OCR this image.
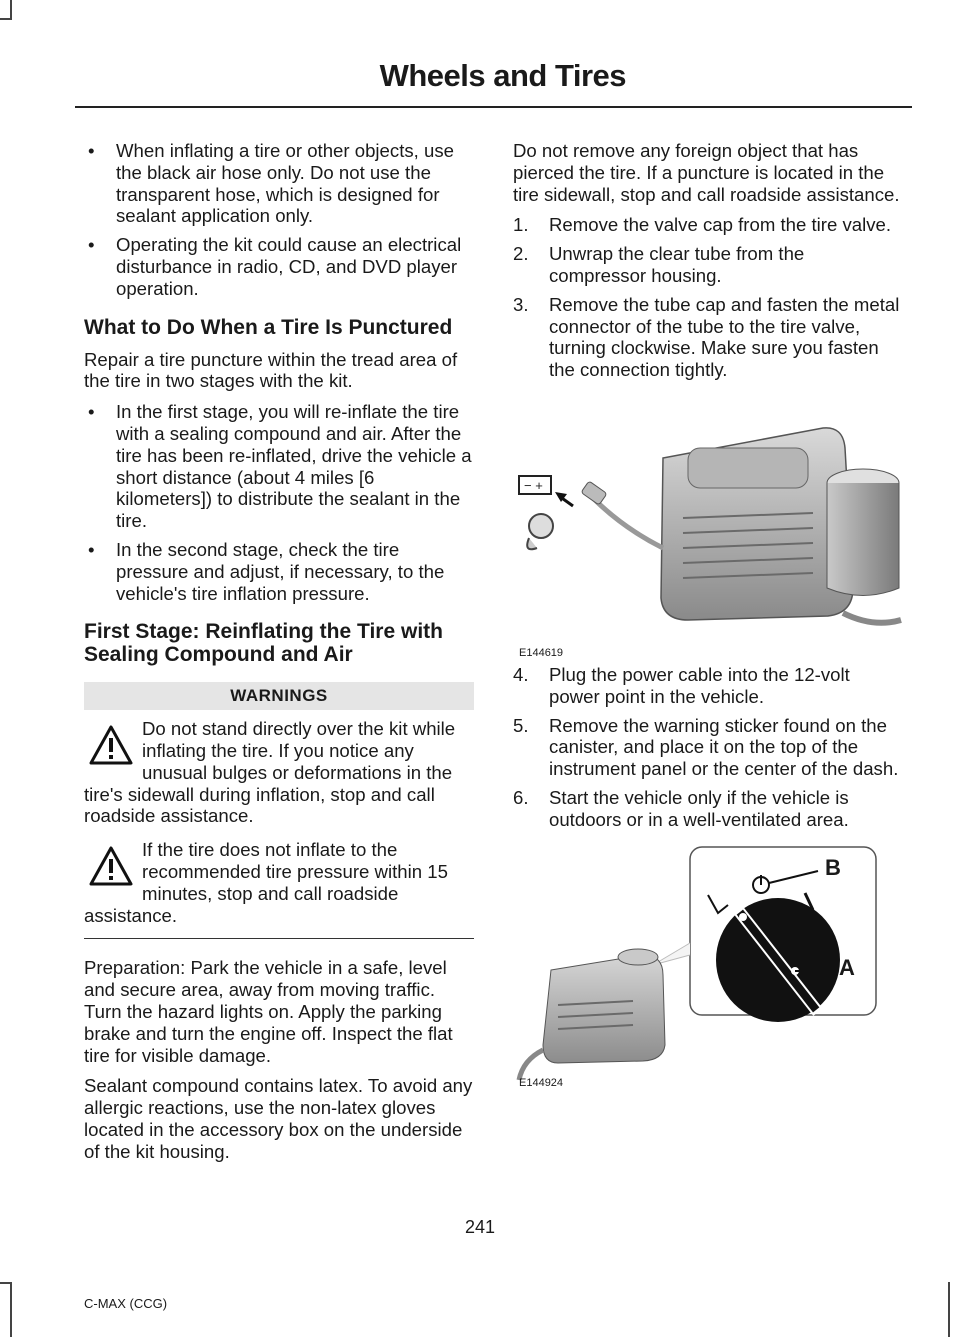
Wheels and Tires
• When inflating a tire or other objects, use the black air hose only. Do not use the transparent hose, which is designed for sealant application only.
• Operating the kit could cause an electrical disturbance in radio, CD, and DVD player operation.
What to Do When a Tire Is Punctured

Repair a tire puncture within the tread area of the tire in two stages with the kit.

• In the first stage, you will re-inflate the tire with a sealing compound and air. After the tire has been re-inflated, drive the vehicle a short distance (about 4 miles [6 kilometers]) to distribute the sealant in the tire.
• In the second stage, check the tire pressure and adjust, if necessary, to the vehicle's tire inflation pressure.
First Stage: Reinflating the Tire with Sealing Compound and Air
WARNINGS
Do not stand directly over the kit while inflating the tire. If you notice any unusual bulges or deformations in the tire's sidewall during inflation, stop and call roadside assistance.
If the tire does not inflate to the recommended tire pressure within 15 minutes, stop and call roadside assistance.

Preparation: Park the vehicle in a safe, level and secure area, away from moving traffic. Turn the hazard lights on. Apply the parking brake and turn the engine off. Inspect the flat tire for visible damage.

Sealant compound contains latex. To avoid any allergic reactions, use the non-latex gloves located in the accessory box on the underside of the kit housing.

Do not remove any foreign object that has pierced the tire. If a puncture is located in the tire sidewall, stop and call roadside assistance.

1. Remove the valve cap from the tire valve.
2. Unwrap the clear tube from the compressor housing.
3. Remove the tube cap and fasten the metal connector of the tube to the tire valve, turning clockwise. Make sure you fasten the connection tightly.
− +
E144619
4. Plug the power cable into the 12-volt power point in the vehicle.
5. Remove the warning sticker found on the canister, and place it on the top of the instrument panel or the center of the dash.
6. Start the vehicle only if the vehicle is outdoors or in a well-ventilated area.
A
B
E144924
241
C-MAX (CCG)
